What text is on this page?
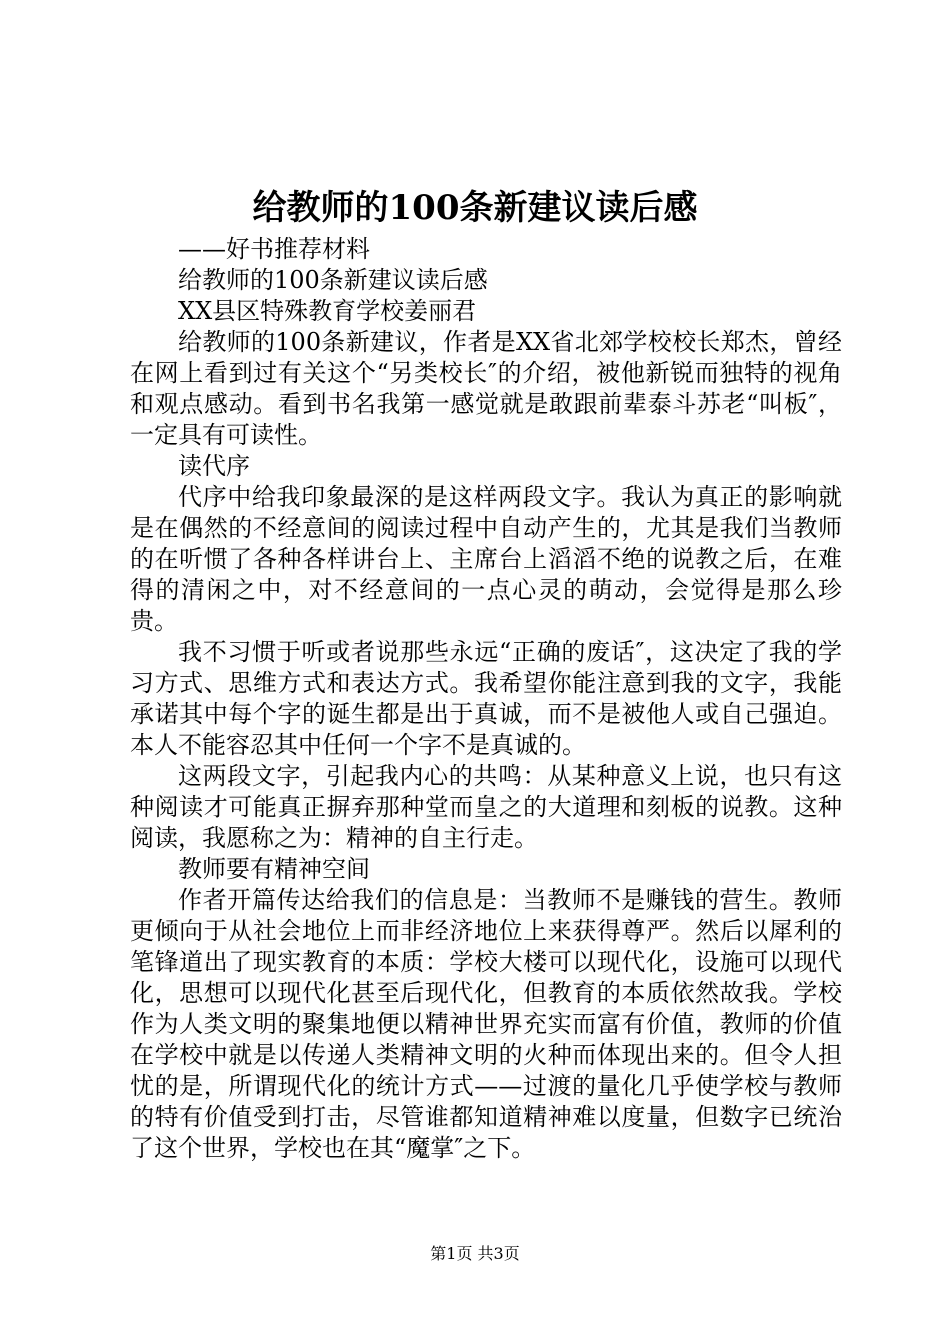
给教师的100条新建议读后感

——好书推荐材料

给教师的100条新建议读后感

XX县区特殊教育学校姜丽君

给教师的100条新建议，作者是XX省北郊学校校长郑杰，曾经在网上看到过有关这个“另类校长″的介绍，被他新锐而独特的视角和观点感动。看到书名我第一感觉就是敢跟前辈泰斗苏老“叫板″，一定具有可读性。

读代序

代序中给我印象最深的是这样两段文字。我认为真正的影响就是在偶然的不经意间的阅读过程中自动产生的，尤其是我们当教师的在听惯了各种各样讲台上、主席台上滔滔不绝的说教之后，在难得的清闲之中，对不经意间的一点心灵的萌动，会觉得是那么珍贵。

我不习惯于听或者说那些永远“正确的废话″，这决定了我的学习方式、思维方式和表达方式。我希望你能注意到我的文字，我能承诺其中每个字的诞生都是出于真诚，而不是被他人或自己强迫。本人不能容忍其中任何一个字不是真诚的。

这两段文字，引起我内心的共鸣：从某种意义上说，也只有这种阅读才可能真正摒弃那种堂而皇之的大道理和刻板的说教。这种阅读，我愿称之为：精神的自主行走。

教师要有精神空间

作者开篇传达给我们的信息是：当教师不是赚钱的营生。教师更倾向于从社会地位上而非经济地位上来获得尊严。然后以犀利的笔锋道出了现实教育的本质：学校大楼可以现代化，设施可以现代化，思想可以现代化甚至后现代化，但教育的本质依然故我。学校作为人类文明的聚集地便以精神世界充实而富有价值，教师的价值在学校中就是以传递人类精神文明的火种而体现出来的。但令人担忧的是，所谓现代化的统计方式——过渡的量化几乎使学校与教师的特有价值受到打击，尽管谁都知道精神难以度量，但数字已统治了这个世界，学校也在其“魔掌″之下。

第1页 共3页
